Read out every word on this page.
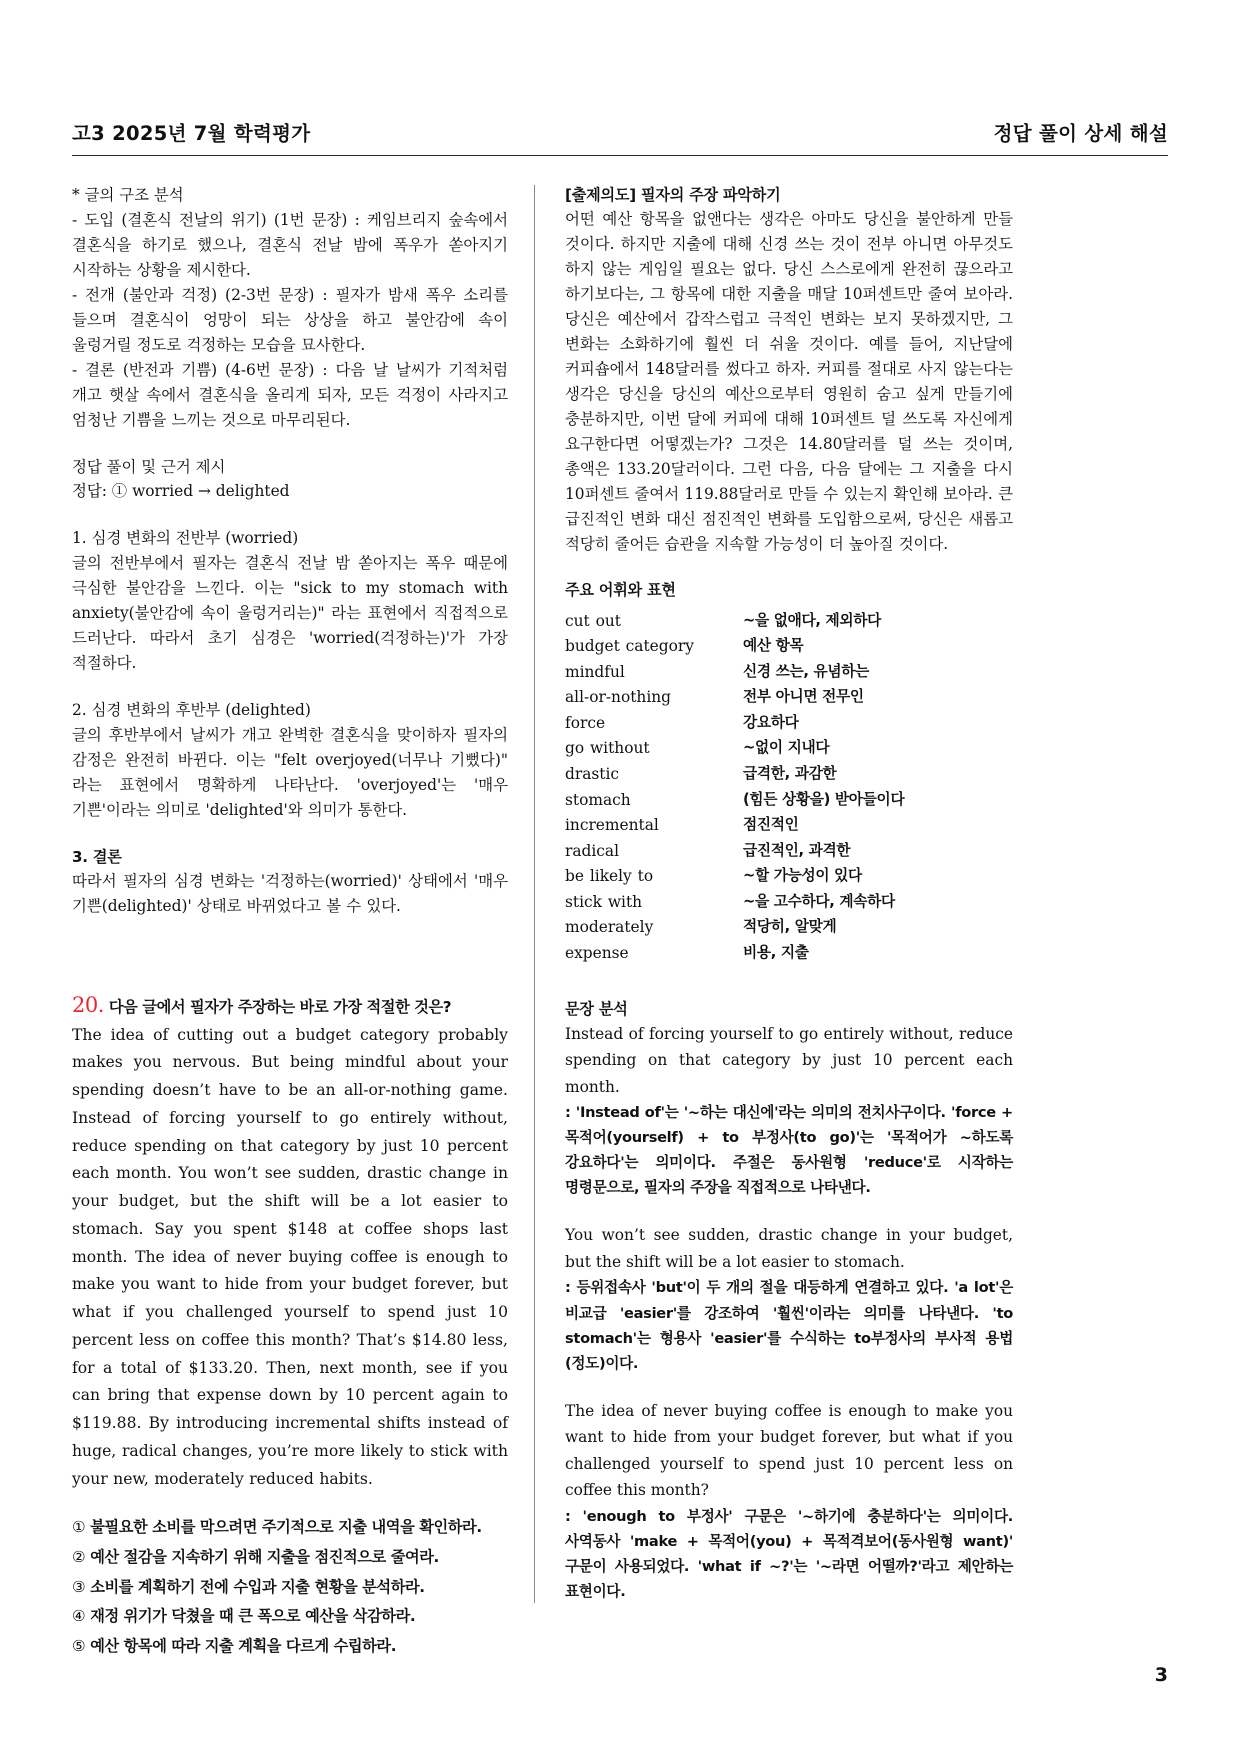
고3 2025년 7월 학력평가	정답 풀이 상세 해설
* 글의 구조 분석
- 도입 (결혼식 전날의 위기) (1번 문장) : 케임브리지 숲속에서 결혼식을 하기로 했으나, 결혼식 전날 밤에 폭우가 쏟아지기 시작하는 상황을 제시한다.
- 전개 (불안과 걱정) (2-3번 문장) : 필자가 밤새 폭우 소리를 들으며 결혼식이 엉망이 되는 상상을 하고 불안감에 속이 울렁거릴 정도로 걱정하는 모습을 묘사한다.
- 결론 (반전과 기쁨) (4-6번 문장) : 다음 날 날씨가 기적처럼 개고 햇살 속에서 결혼식을 올리게 되자, 모든 걱정이 사라지고 엄청난 기쁨을 느끼는 것으로 마무리된다.
정답 풀이 및 근거 제시
정답: ① worried → delighted
1. 심경 변화의 전반부 (worried)
글의 전반부에서 필자는 결혼식 전날 밤 쏟아지는 폭우 때문에 극심한 불안감을 느낀다. 이는 "sick to my stomach with anxiety(불안감에 속이 울렁거리는)" 라는 표현에서 직접적으로 드러난다. 따라서 초기 심경은 'worried(걱정하는)'가 가장 적절하다.
2. 심경 변화의 후반부 (delighted)
글의 후반부에서 날씨가 개고 완벽한 결혼식을 맞이하자 필자의 감정은 완전히 바뀐다. 이는 "felt overjoyed(너무나 기뻤다)" 라는 표현에서 명확하게 나타난다. 'overjoyed'는 '매우 기쁜'이라는 의미로 'delighted'와 의미가 통한다.
3. 결론
따라서 필자의 심경 변화는 '걱정하는(worried)' 상태에서 '매우 기쁜(delighted)' 상태로 바뀌었다고 볼 수 있다.
20. 다음 글에서 필자가 주장하는 바로 가장 적절한 것은?
The idea of cutting out a budget category probably makes you nervous. But being mindful about your spending doesn’t have to be an all‑or‑nothing game. Instead of forcing yourself to go entirely without, reduce spending on that category by just 10 percent each month. You won’t see sudden, drastic change in your budget, but the shift will be a lot easier to stomach. Say you spent $148 at coffee shops last month. The idea of never buying coffee is enough to make you want to hide from your budget forever, but what if you challenged yourself to spend just 10 percent less on coffee this month? That’s $14.80 less, for a total of $133.20. Then, next month, see if you can bring that expense down by 10 percent again to $119.88. By introducing incremental shifts instead of huge, radical changes, you’re more likely to stick with your new, moderately reduced habits.
① 불필요한 소비를 막으려면 주기적으로 지출 내역을 확인하라.
② 예산 절감을 지속하기 위해 지출을 점진적으로 줄여라.
③ 소비를 계획하기 전에 수입과 지출 현황을 분석하라.
④ 재정 위기가 닥쳤을 때 큰 폭으로 예산을 삭감하라.
⑤ 예산 항목에 따라 지출 계획을 다르게 수립하라.
[출제의도] 필자의 주장 파악하기
어떤 예산 항목을 없앤다는 생각은 아마도 당신을 불안하게 만들 것이다. 하지만 지출에 대해 신경 쓰는 것이 전부 아니면 아무것도 하지 않는 게임일 필요는 없다. 당신 스스로에게 완전히 끊으라고 하기보다는, 그 항목에 대한 지출을 매달 10퍼센트만 줄여 보아라. 당신은 예산에서 갑작스럽고 극적인 변화는 보지 못하겠지만, 그 변화는 소화하기에 훨씬 더 쉬울 것이다. 예를 들어, 지난달에 커피숍에서 148달러를 썼다고 하자. 커피를 절대로 사지 않는다는 생각은 당신을 당신의 예산으로부터 영원히 숨고 싶게 만들기에 충분하지만, 이번 달에 커피에 대해 10퍼센트 덜 쓰도록 자신에게 요구한다면 어떻겠는가? 그것은 14.80달러를 덜 쓰는 것이며, 총액은 133.20달러이다. 그런 다음, 다음 달에는 그 지출을 다시 10퍼센트 줄여서 119.88달러로 만들 수 있는지 확인해 보아라. 큰 급진적인 변화 대신 점진적인 변화를 도입함으로써, 당신은 새롭고 적당히 줄어든 습관을 지속할 가능성이 더 높아질 것이다.
주요 어휘와 표현
cut out	~을 없애다, 제외하다
budget category	예산 항목
mindful	신경 쓰는, 유념하는
all-or-nothing	전부 아니면 전무인
force	강요하다
go without	~없이 지내다
drastic	급격한, 과감한
stomach	(힘든 상황을) 받아들이다
incremental	점진적인
radical	급진적인, 과격한
be likely to	~할 가능성이 있다
stick with	~을 고수하다, 계속하다
moderately	적당히, 알맞게
expense	비용, 지출
문장 분석
Instead of forcing yourself to go entirely without, reduce spending on that category by just 10 percent each month.
: 'Instead of'는 '~하는 대신에'라는 의미의 전치사구이다. 'force + 목적어(yourself) + to 부정사(to go)'는 '목적어가 ~하도록 강요하다'는 의미이다. 주절은 동사원형 'reduce'로 시작하는 명령문으로, 필자의 주장을 직접적으로 나타낸다.
You won’t see sudden, drastic change in your budget, but the shift will be a lot easier to stomach.
: 등위접속사 'but'이 두 개의 절을 대등하게 연결하고 있다. 'a lot'은 비교급 'easier'를 강조하여 '훨씬'이라는 의미를 나타낸다. 'to stomach'는 형용사 'easier'를 수식하는 to부정사의 부사적 용법(정도)이다.
The idea of never buying coffee is enough to make you want to hide from your budget forever, but what if you challenged yourself to spend just 10 percent less on coffee this month?
: 'enough to 부정사' 구문은 '~하기에 충분하다'는 의미이다. 사역동사 'make + 목적어(you) + 목적격보어(동사원형 want)' 구문이 사용되었다. 'what if ~?'는 '~라면 어떨까?'라고 제안하는 표현이다.
3
